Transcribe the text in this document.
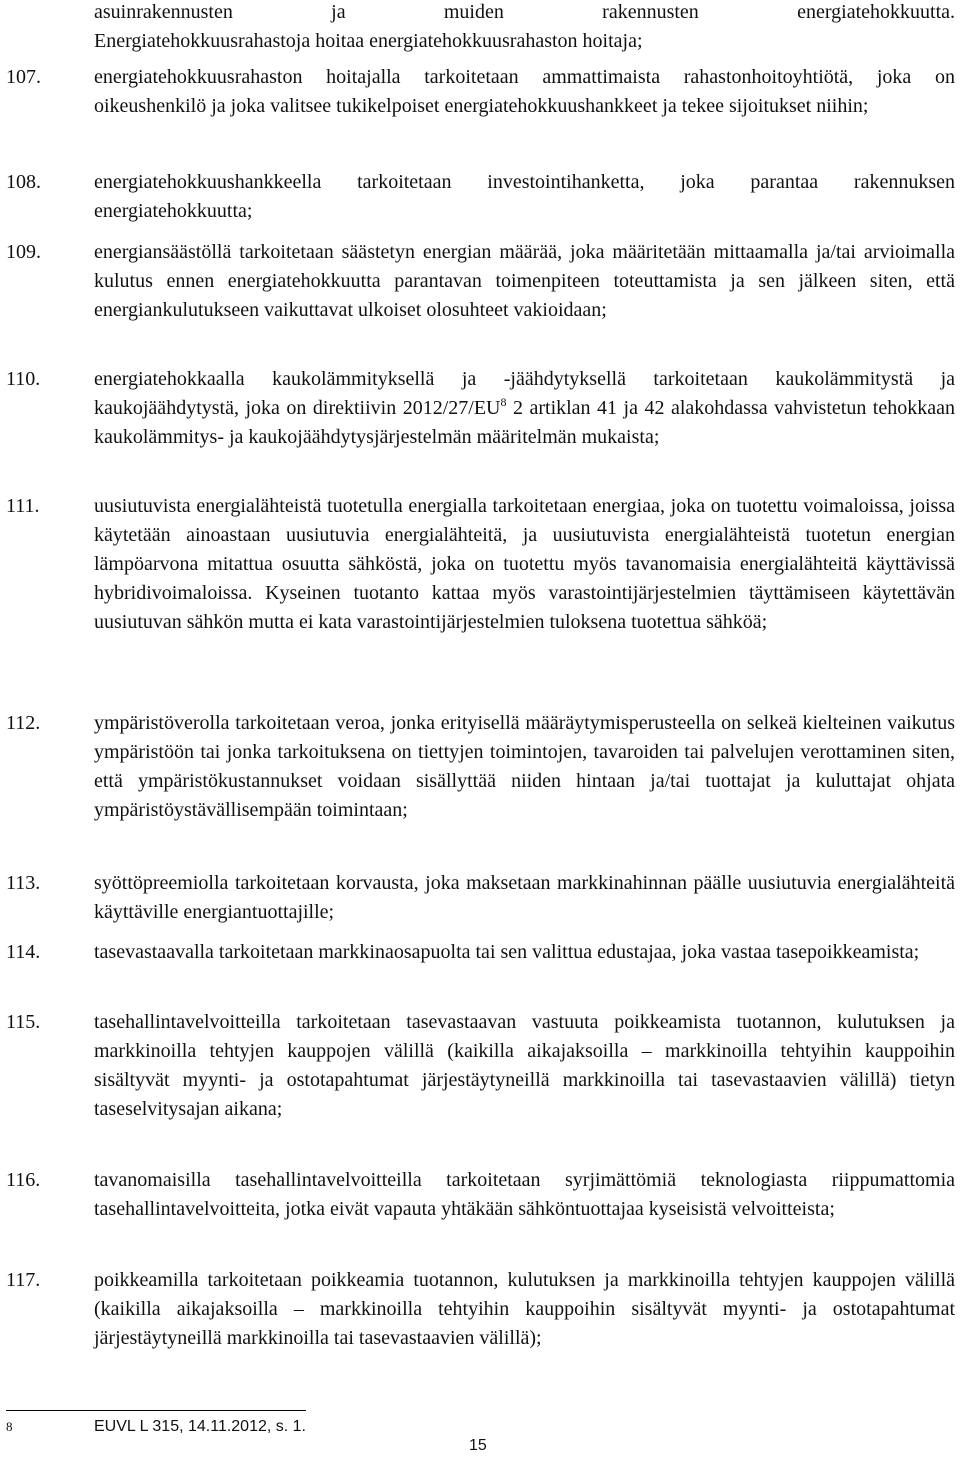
asuinrakennusten ja muiden rakennusten energiatehokkuutta.
Energiatehokkuusrahastoja hoitaa energiatehokkuusrahaston hoitaja;
107.	energiatehokkuusrahaston hoitajalla tarkoitetaan ammattimaista rahastonhoitoyhtiötä, joka on oikeushenkilö ja joka valitsee tukikelpoiset energiatehokkuushankkeet ja tekee sijoitukset niihin;
108.	energiatehokkuushankkeella tarkoitetaan investointihanketta, joka parantaa rakennuksen energiatehokkuutta;
109.	energiansäästöllä tarkoitetaan säästetyn energian määrää, joka määritetään mittaamalla ja/tai arvioimalla kulutus ennen energiatehokkuutta parantavan toimenpiteen toteuttamista ja sen jälkeen siten, että energiankulutukseen vaikuttavat ulkoiset olosuhteet vakioidaan;
110.	energiatehokkaalla kaukolämmityksellä ja -jäähdytyksellä tarkoitetaan kaukolämmitystä ja kaukojäähdytystä, joka on direktiivin $2012/27/EU^8$ 2 artiklan 41 ja 42 alakohdassa vahvistetun tehokkaan kaukolämmitys- ja kaukojäähdytysjärjestelmän määritelmän mukaista;
111.	uusiutuvista energialähteistä tuotetulla energialla tarkoitetaan energiaa, joka on tuotettu voimaloissa, joissa käytetään ainoastaan uusiutuvia energialähteitä, ja uusiutuvista energialähteistä tuotetun energian lämpöarvona mitattua osuutta sähköstä, joka on tuotettu myös tavanomaisia energialähteitä käyttävissä hybridivoimaloissa. Kyseinen tuotanto kattaa myös varastointijärjestelmien täyttämiseen käytettävän uusiutuvan sähkön mutta ei kata varastointijärjestelmien tuloksena tuotettua sähköä;
112.	ympäristöverolla tarkoitetaan veroa, jonka erityisellä määräytymisperusteella on selkeä kielteinen vaikutus ympäristöön tai jonka tarkoituksena on tiettyjen toimintojen, tavaroiden tai palvelujen verottaminen siten, että ympäristökustannukset voidaan sisällyttää niiden hintaan ja/tai tuottajat ja kuluttajat ohjata ympäristöystävällisempään toimintaan;
113.	syöttöpreemiolla tarkoitetaan korvausta, joka maksetaan markkinahinnan päälle uusiutuvia energialähteitä käyttäville energiantuottajille;
114.	tasevastaavalla tarkoitetaan markkinaosapuolta tai sen valittua edustajaa, joka vastaa tasepoikkeamista;
115.	tasehallintavelvoitteilla tarkoitetaan tasevastaavan vastuuta poikkeamista tuotannon, kulutuksen ja markkinoilla tehtyjen kauppojen välillä (kaikilla aikajaksoilla – markkinoilla tehtyihin kauppoihin sisältyvät myynti- ja ostotapahtumat järjestäytyneillä markkinoilla tai tasevastaavien välillä) tietyn taseselvitysajan aikana;
116.	tavanomaisilla tasehallintavelvoitteilla tarkoitetaan syrjimättömiä teknologiasta riippumattomia tasehallintavelvoitteita, jotka eivät vapauta yhtäkään sähköntuottajaa kyseisistä velvoitteista;
117.	poikkeamilla tarkoitetaan poikkeamia tuotannon, kulutuksen ja markkinoilla tehtyjen kauppojen välillä (kaikilla aikajaksoilla – markkinoilla tehtyihin kauppoihin sisältyvät myynti- ja ostotapahtumat järjestäytyneillä markkinoilla tai tasevastaavien välillä);
8	EUVL L 315, 14.11.2012, s. 1.
15
